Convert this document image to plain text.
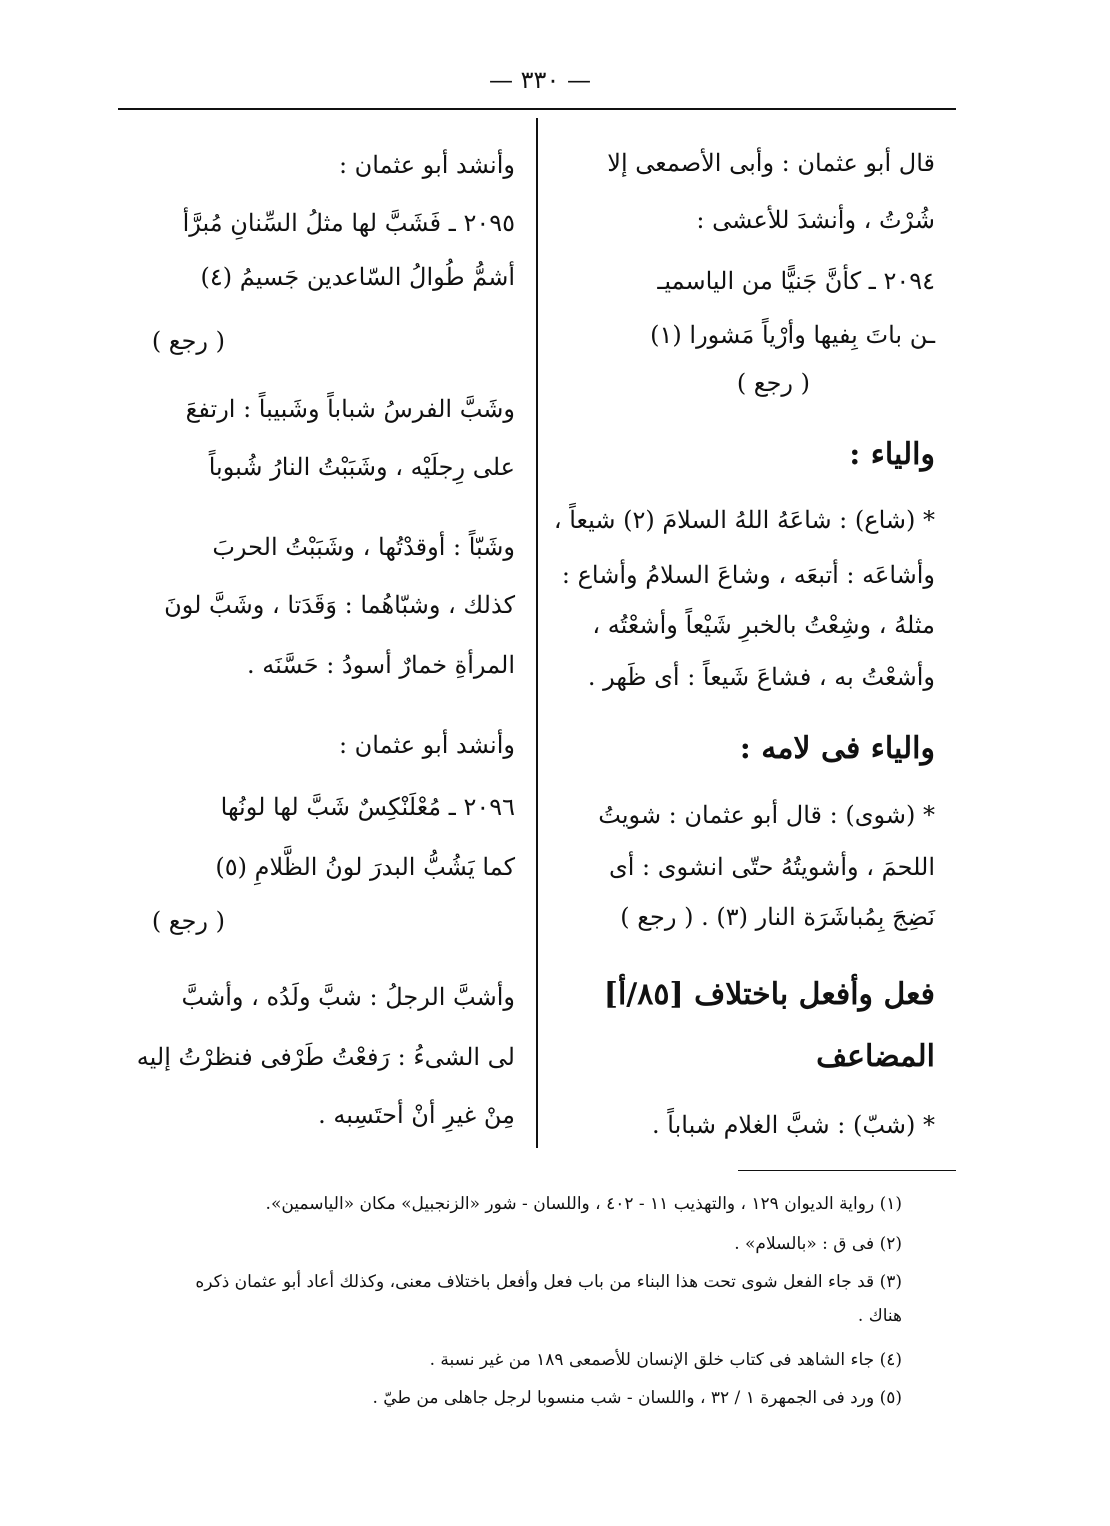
— ٣٣٠ —
قال أبو عثمان : وأبى الأصمعى إلا
شُرْتُ ، وأنشدَ للأعشى :
٢٠٩٤ ـ كأنَّ جَنيًّا من الياسميـ
ـن باتَ بِفيها وأرْياً مَشورا (١)
( رجع )
والياء :
* (شاع) : شاعَهُ اللهُ السلامَ (٢) شيعاً ،
وأشاعَه : أتبعَه ، وشاعَ السلامُ وأشاع :
مثلهُ ، وشِعْتُ بالخبرِ شَيْعاً وأشعْتُه ،
وأشعْتُ به ، فشاعَ شَيعاً : أى ظَهر .
والياء فى لامه :
* (شوى) : قال أبو عثمان : شويتُ
اللحمَ ، وأشويتُهُ حتّى انشوى : أى
نَضِجَ بِمُباشَرَة النار (٣) . ( رجع )
فعل وأفعل باختلاف [٨٥/أ]
المضاعف
* (شبّ) : شبَّ الغلام شباباً .
وأنشد أبو عثمان :
٢٠٩٥ ـ فَشَبَّ لها مثلُ السِّنانِ مُبرَّأ
أشمُّ طُوالُ السّاعدين جَسيمُ (٤)
( رجع )
وشَبَّ الفرسُ شباباً وشَبيباً : ارتفعَ
على رِجلَيْه ، وشَبَبْتُ النارُ شُبوباً
وشَبّاً : أوقدْتُها ، وشَبَبْتُ الحربَ
كذلك ، وشبّاهُما : وَقَدَتا ، وشَبَّ لونَ
المرأةِ خمارٌ أسودُ : حَسَّنَه .
وأنشد أبو عثمان :
٢٠٩٦ ـ مُعْلَنْكِسٌ شَبَّ لها لونُها
كما يَشُبُّ البدرَ لونُ الظَّلامِ (٥)
( رجع )
وأشبَّ الرجلُ : شبَّ ولَدُه ، وأشبَّ
لى الشىءُ : رَفعْتُ طَرْفى فنظرْتُ إليه
مِنْ غيرِ أنْ أحتَسِبه .
(١) رواية الديوان ١٢٩ ، والتهذيب ١١ - ٤٠٢ ، واللسان - شور «الزنجبيل» مكان «الياسمين».
(٢) فى ق : «بالسلام» .
(٣) قد جاء الفعل شوى تحت هذا البناء من باب فعل وأفعل باختلاف معنى، وكذلك أعاد أبو عثمان ذكره
هناك .
(٤) جاء الشاهد فى كتاب خلق الإنسان للأصمعى ١٨٩ من غير نسبة .
(٥) ورد فى الجمهرة ١ / ٣٢ ، واللسان - شب منسوبا لرجل جاهلى من طيّ .
